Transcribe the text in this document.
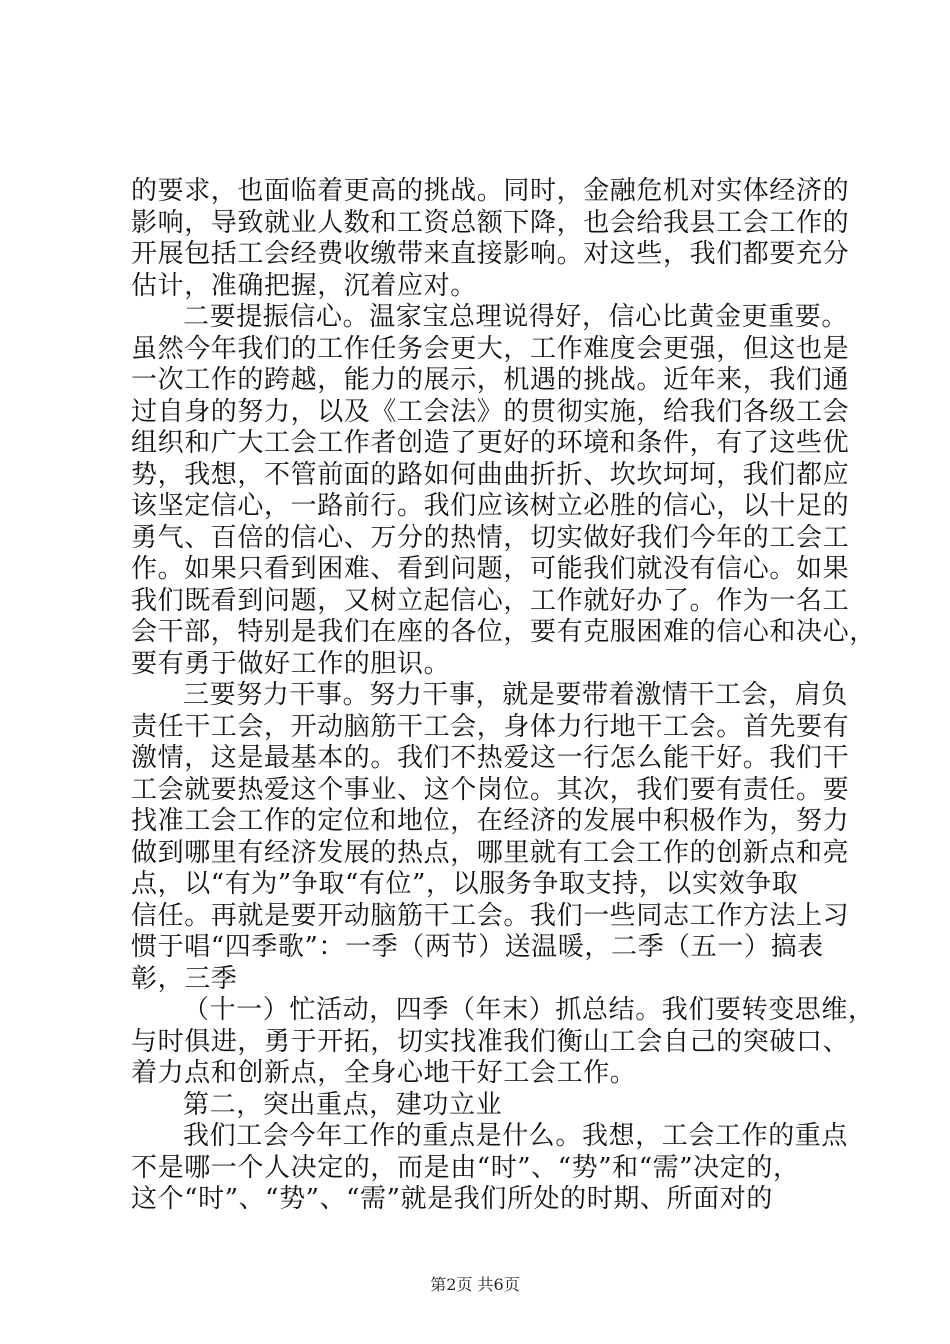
的要求，也面临着更高的挑战。同时，金融危机对实体经济的
影响，导致就业人数和工资总额下降，也会给我县工会工作的
开展包括工会经费收缴带来直接影响。对这些，我们都要充分
估计，准确把握，沉着应对。
二要提振信心。温家宝总理说得好，信心比黄金更重要。
虽然今年我们的工作任务会更大，工作难度会更强，但这也是
一次工作的跨越，能力的展示，机遇的挑战。近年来，我们通
过自身的努力，以及《工会法》的贯彻实施，给我们各级工会
组织和广大工会工作者创造了更好的环境和条件，有了这些优
势，我想，不管前面的路如何曲曲折折、坎坎坷坷，我们都应
该坚定信心，一路前行。我们应该树立必胜的信心，以十足的
勇气、百倍的信心、万分的热情，切实做好我们今年的工会工
作。如果只看到困难、看到问题，可能我们就没有信心。如果
我们既看到问题，又树立起信心，工作就好办了。作为一名工
会干部，特别是我们在座的各位，要有克服困难的信心和决心，
要有勇于做好工作的胆识。
三要努力干事。努力干事，就是要带着激情干工会，肩负
责任干工会，开动脑筋干工会，身体力行地干工会。首先要有
激情，这是最基本的。我们不热爱这一行怎么能干好。我们干
工会就要热爱这个事业、这个岗位。其次，我们要有责任。要
找准工会工作的定位和地位，在经济的发展中积极作为，努力
做到哪里有经济发展的热点，哪里就有工会工作的创新点和亮
点，以“有为”争取“有位”，以服务争取支持，以实效争取
信任。再就是要开动脑筋干工会。我们一些同志工作方法上习
惯于唱“四季歌”：一季（两节）送温暖，二季（五一）搞表
彰，三季
（十一）忙活动，四季（年末）抓总结。我们要转变思维，
与时俱进，勇于开拓，切实找准我们衡山工会自己的突破口、
着力点和创新点，全身心地干好工会工作。
第二，突出重点，建功立业
我们工会今年工作的重点是什么。我想，工会工作的重点
不是哪一个人决定的，而是由“时”、“势”和“需”决定的，
这个“时”、“势”、“需”就是我们所处的时期、所面对的
第2页 共6页
